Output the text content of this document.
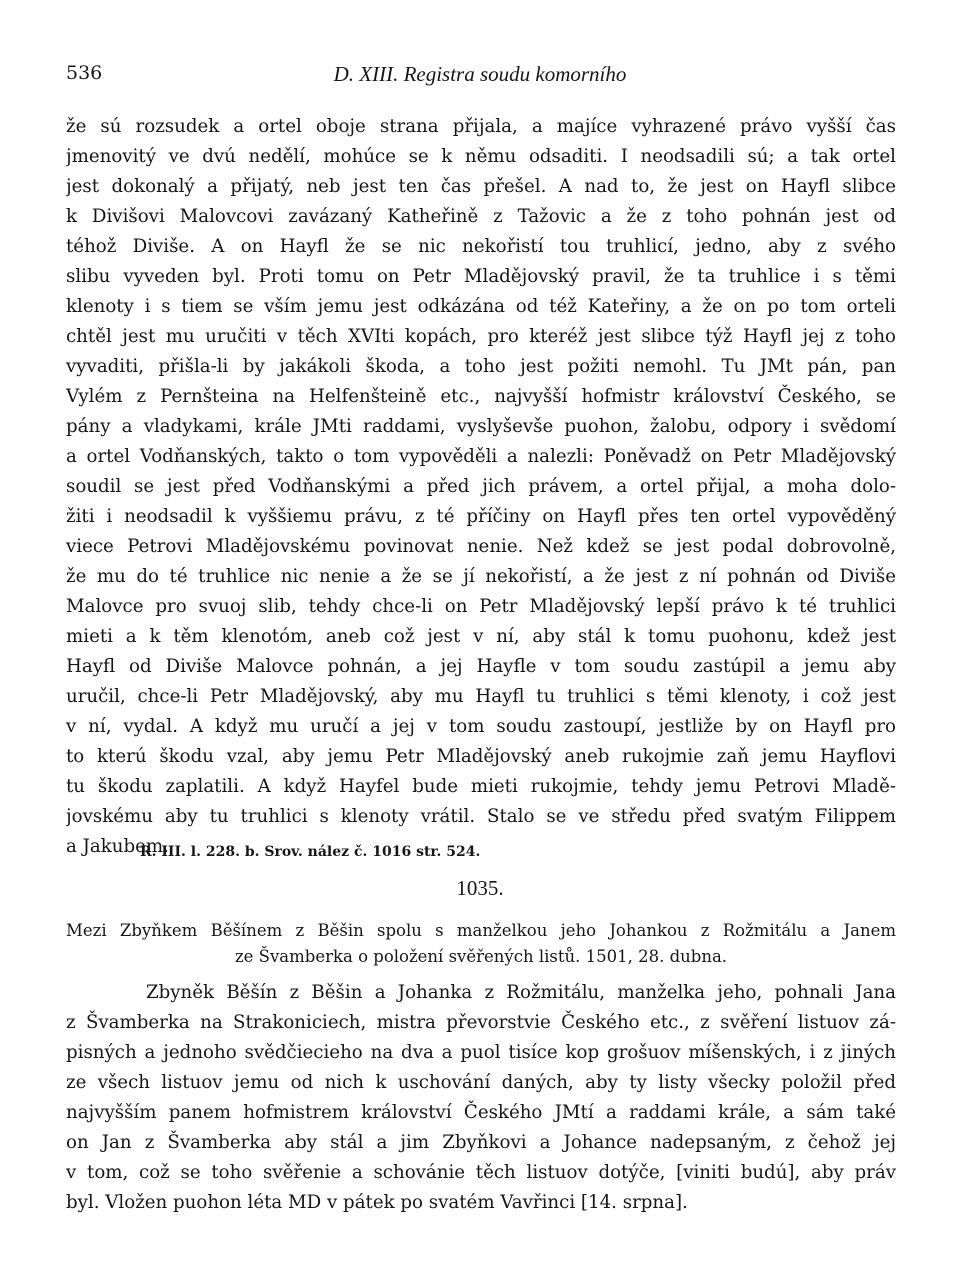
536	D. XIII. Registra soudu komorního
že sú rozsudek a ortel oboje strana přijala, a majíce vyhrazené právo vyšší čas
jmenovitý ve dvú nedělí, mohúce se k němu odsaditi. I neodsadili sú; a tak ortel
jest dokonalý a přijatý, neb jest ten čas přešel. A nad to, že jest on Hayfl slibce
k Divišovi Malovcovi zavázaný Katheřině z Tažovic a že z toho pohnán jest od
téhož Diviše. A on Hayfl že se nic nekořistí tou truhlicí, jedno, aby z svého
slibu vyveden byl. Proti tomu on Petr Mladějovský pravil, že ta truhlice i s těmi
klenoty i s tiem se vším jemu jest odkázána od též Kateřiny, a že on po tom orteli
chtěl jest mu uručiti v těch XVIti kopách, pro kteréž jest slibce týž Hayfl jej z toho
vyvaditi, přišla-li by jakákoli škoda, a toho jest požiti nemohl. Tu JMt pán, pan
Vylém z Pernšteina na Helfenšteině etc., najvyšší hofmistr království Českého, se
pány a vladykami, krále JMti raddami, vyslyševše puohon, žalobu, odpory i svědomí
a ortel Vodňanských, takto o tom vypověděli a nalezli: Poněvadž on Petr Mladějovský
soudil se jest před Vodňanskými a před jich právem, a ortel přijal, a moha dolo-
žiti i neodsadil k vyššiemu právu, z té příčiny on Hayfl přes ten ortel vypověděný
viece Petrovi Mladějovskému povinovat nenie. Než kdež se jest podal dobrovolně,
že mu do té truhlice nic nenie a že se jí nekořistí, a že jest z ní pohnán od Diviše
Malovce pro svuoj slib, tehdy chce-li on Petr Mladějovský lepší právo k té truhlici
mieti a k těm klenotóm, aneb což jest v ní, aby stál k tomu puohonu, kdež jest
Hayfl od Diviše Malovce pohnán, a jej Hayfle v tom soudu zastúpil a jemu aby
uručil, chce-li Petr Mladějovský, aby mu Hayfl tu truhlici s těmi klenoty, i což jest
v ní, vydal. A když mu uručí a jej v tom soudu zastoupí, jestliže by on Hayfl pro
to kterú škodu vzal, aby jemu Petr Mladějovský aneb rukojmie zaň jemu Hayflovi
tu škodu zaplatili. A když Hayfel bude mieti rukojmie, tehdy jemu Petrovi Mladě-
jovskému aby tu truhlici s klenoty vrátil. Stalo se ve středu před svatým Filippem
a Jakubem.
R. III. l. 228. b. Srov. nález č. 1016 str. 524.
1035.
Mezi Zbyňkem Běšínem z Běšin spolu s manželkou jeho Johankou z Rožmitálu a Janem
ze Švamberka o položení svěřených listů. 1501, 28. dubna.
Zbyněk Běšín z Běšin a Johanka z Rožmitálu, manželka jeho, pohnali Jana
z Švamberka na Strakoniciech, mistra převorstvie Českého etc., z svěření listuov zá-
pisných a jednoho svědčiecieho na dva a puol tisíce kop grošuov míšenských, i z jiných
ze všech listuov jemu od nich k uschování daných, aby ty listy všecky položil před
najvyšším panem hofmistrem království Českého JMtí a raddami krále, a sám také
on Jan z Švamberka aby stál a jim Zbyňkovi a Johance nadepsaným, z čehož jej
v tom, což se toho svěřenie a schovánie těch listuov dotýče, [viniti budú], aby práv
byl. Vložen puohon léta MD v pátek po svatém Vavřinci [14. srpna].
